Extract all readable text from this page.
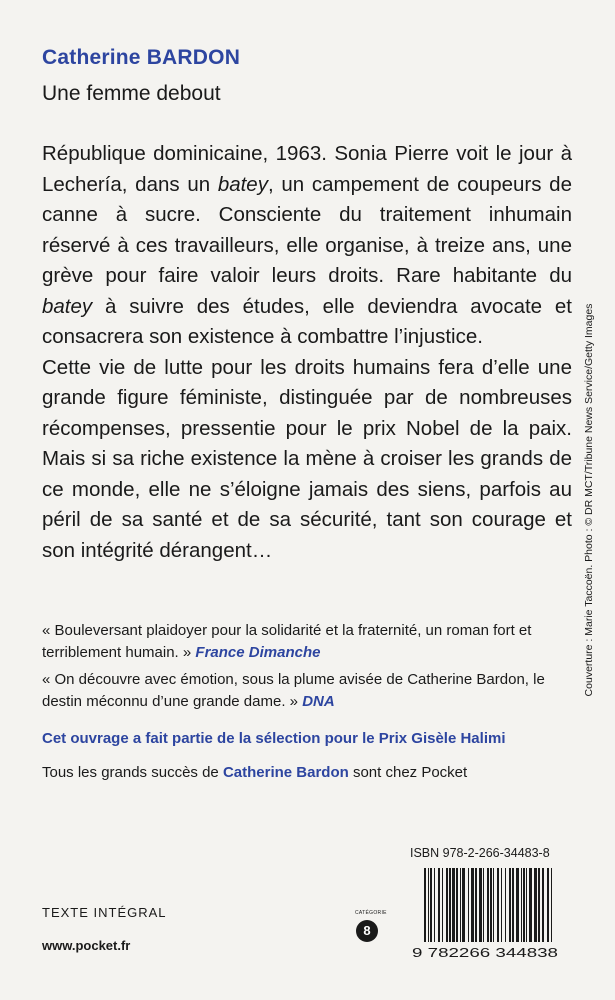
Catherine BARDON
Une femme debout

République dominicaine, 1963. Sonia Pierre voit le jour à Lechería, dans un batey, un campement de coupeurs de canne à sucre. Consciente du traitement inhumain réservé à ces travailleurs, elle organise, à treize ans, une grève pour faire valoir leurs droits. Rare habitante du batey à suivre des études, elle deviendra avocate et consacrera son existence à combattre l’injustice.

Cette vie de lutte pour les droits humains fera d’elle une grande figure féministe, distinguée par de nombreuses récompenses, pressentie pour le prix Nobel de la paix. Mais si sa riche existence la mène à croiser les grands de ce monde, elle ne s’éloigne jamais des siens, parfois au péril de sa santé et de sa sécurité, tant son courage et son intégrité dérangent…

« Bouleversant plaidoyer pour la solidarité et la fraternité, un roman fort et terriblement humain. » France Dimanche
« On découvre avec émotion, sous la plume avisée de Catherine Bardon, le destin méconnu d’une grande dame. » DNA
Cet ouvrage a fait partie de la sélection pour le Prix Gisèle Halimi
Tous les grands succès de Catherine Bardon sont chez Pocket
ISBN 978-2-266-34483-8
9 782266 344838
TEXTE INTÉGRAL
www.pocket.fr
CATÉGORIE
8
Couverture : Marie Taccoën. Photo : © DR MCT/Tribune News Service/Getty Images
